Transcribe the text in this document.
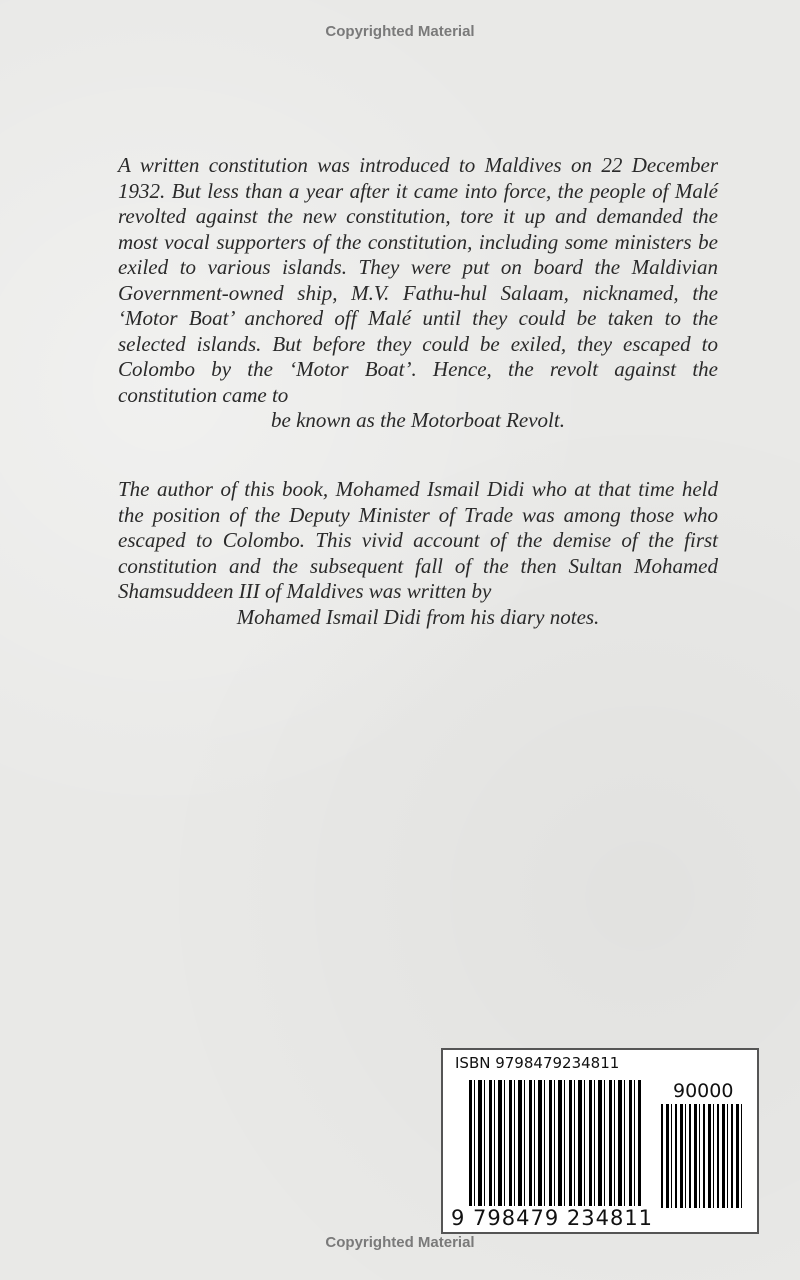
Copyrighted Material

A written constitution was introduced to Maldives on 22 December 1932. But less than a year after it came into force, the people of Malé revolted against the new constitution, tore it up and demanded the most vocal supporters of the constitution, including some ministers be exiled to various islands. They were put on board the Maldivian Government-owned ship, M.V. Fathu-hul Salaam, nicknamed, the ‘Motor Boat’ anchored off Malé until they could be taken to the selected islands. But before they could be exiled, they escaped to Colombo by the ‘Motor Boat’. Hence, the revolt against the constitution came to

be known as the Motorboat Revolt.

The author of this book, Mohamed Ismail Didi who at that time held the position of the Deputy Minister of Trade was among those who escaped to Colombo. This vivid account of the demise of the first constitution and the subsequent fall of the then Sultan Mohamed Shamsuddeen III of Maldives was written by

Mohamed Ismail Didi from his diary notes.

ISBN 9798479234811
90000
9 798479 234811
Copyrighted Material
